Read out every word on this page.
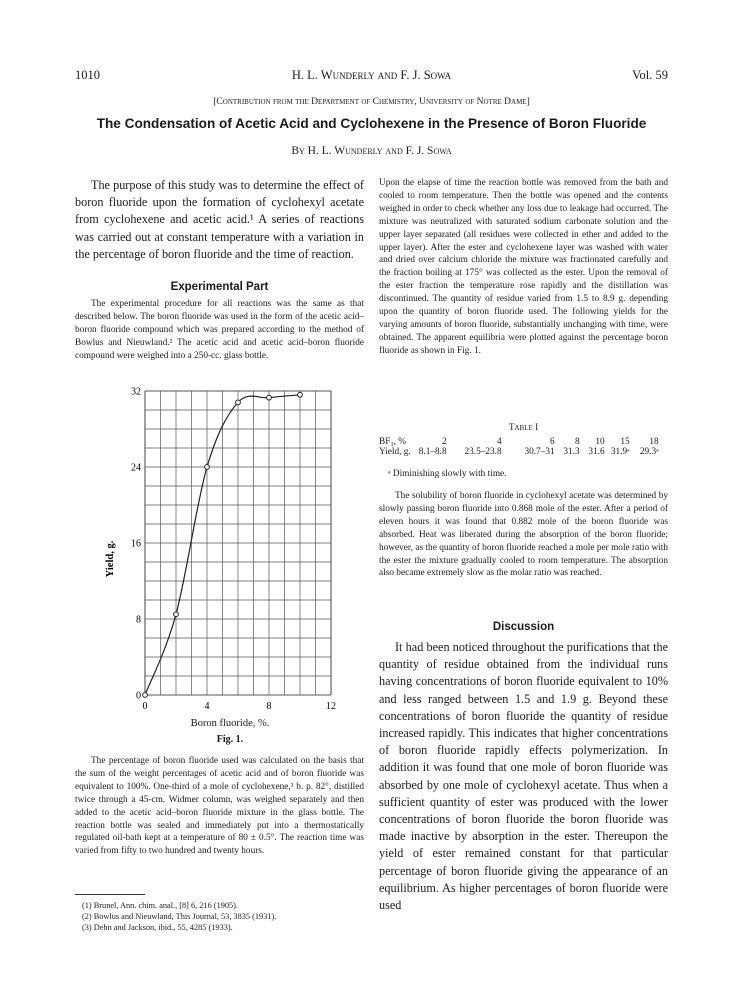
1010	H. L. Wunderly and F. J. Sowa	Vol. 59
[Contribution from the Department of Chemistry, University of Notre Dame]
The Condensation of Acetic Acid and Cyclohexene in the Presence of Boron Fluoride
By H. L. Wunderly and F. J. Sowa

The purpose of this study was to determine the effect of boron fluoride upon the formation of cyclohexyl acetate from cyclohexene and acetic acid.¹ A series of reactions was carried out at constant temperature with a variation in the percentage of boron fluoride and the time of reaction.

Experimental Part

The experimental procedure for all reactions was the same as that described below. The boron fluoride was used in the form of the acetic acid–boron fluoride compound which was prepared according to the method of Bowlus and Nieuwland.² The acetic acid and acetic acid–boron fluoride compound were weighed into a 250-cc. glass bottle.

0	4	8	12
0
8
16
24
32
Yield, g.
Boron fluoride, %.
Fig. 1.

The percentage of boron fluoride used was calculated on the basis that the sum of the weight percentages of acetic acid and of boron fluoride was equivalent to 100%. One-third of a mole of cyclohexene,³ b. p. 82°, distilled twice through a 45-cm. Widmer column, was weighed separately and then added to the acetic acid–boron fluoride mixture in the glass bottle. The reaction bottle was sealed and immediately put into a thermostatically regulated oil-bath kept at a temperature of 80 ± 0.5°. The reaction time was varied from fifty to two hundred and twenty hours.

(1) Brunel, Ann. chim. anal., [8] 6, 216 (1905).
(2) Bowlus and Nieuwland, This Journal, 53, 3835 (1931).
(3) Dehn and Jackson, ibid., 55, 4285 (1933).

Upon the elapse of time the reaction bottle was removed from the bath and cooled to room temperature. Then the bottle was opened and the contents weighed in order to check whether any loss due to leakage had occurred. The mixture was neutralized with saturated sodium carbonate solution and the upper layer separated (all residues were collected in ether and added to the upper layer). After the ester and cyclohexene layer was washed with water and dried over calcium chloride the mixture was fractionated carefully and the fraction boiling at 175° was collected as the ester. Upon the removal of the ester fraction the temperature rose rapidly and the distillation was discontinued. The quantity of residue varied from 1.5 to 8.9 g. depending upon the quantity of boron fluoride used. The following yields for the varying amounts of boron fluoride, substantially unchanging with time, were obtained. The apparent equilibria were plotted against the percentage boron fluoride as shown in Fig. 1.

Table I
BF₃, %	2	4	6	8	10	15	18
Yield, g.	8.1–8.8	23.5–23.8	30.7–31	31.3	31.6	31.9ᵃ	29.3ᵃ
ᵃ Diminishing slowly with time.

The solubility of boron fluoride in cyclohexyl acetate was determined by slowly passing boron fluoride into 0.868 mole of the ester. After a period of eleven hours it was found that 0.882 mole of the boron fluoride was absorbed. Heat was liberated during the absorption of the boron fluoride; however, as the quantity of boron fluoride reached a mole per mole ratio with the ester the mixture gradually cooled to room temperature. The absorption also became extremely slow as the molar ratio was reached.

Discussion

It had been noticed throughout the purifications that the quantity of residue obtained from the individual runs having concentrations of boron fluoride equivalent to 10% and less ranged between 1.5 and 1.9 g. Beyond these concentrations of boron fluoride the quantity of residue increased rapidly. This indicates that higher concentrations of boron fluoride rapidly effects polymerization. In addition it was found that one mole of boron fluoride was absorbed by one mole of cyclohexyl acetate. Thus when a sufficient quantity of ester was produced with the lower concentrations of boron fluoride the boron fluoride was made inactive by absorption in the ester. Thereupon the yield of ester remained constant for that particular percentage of boron fluoride giving the appearance of an equilibrium. As higher percentages of boron fluoride were used
